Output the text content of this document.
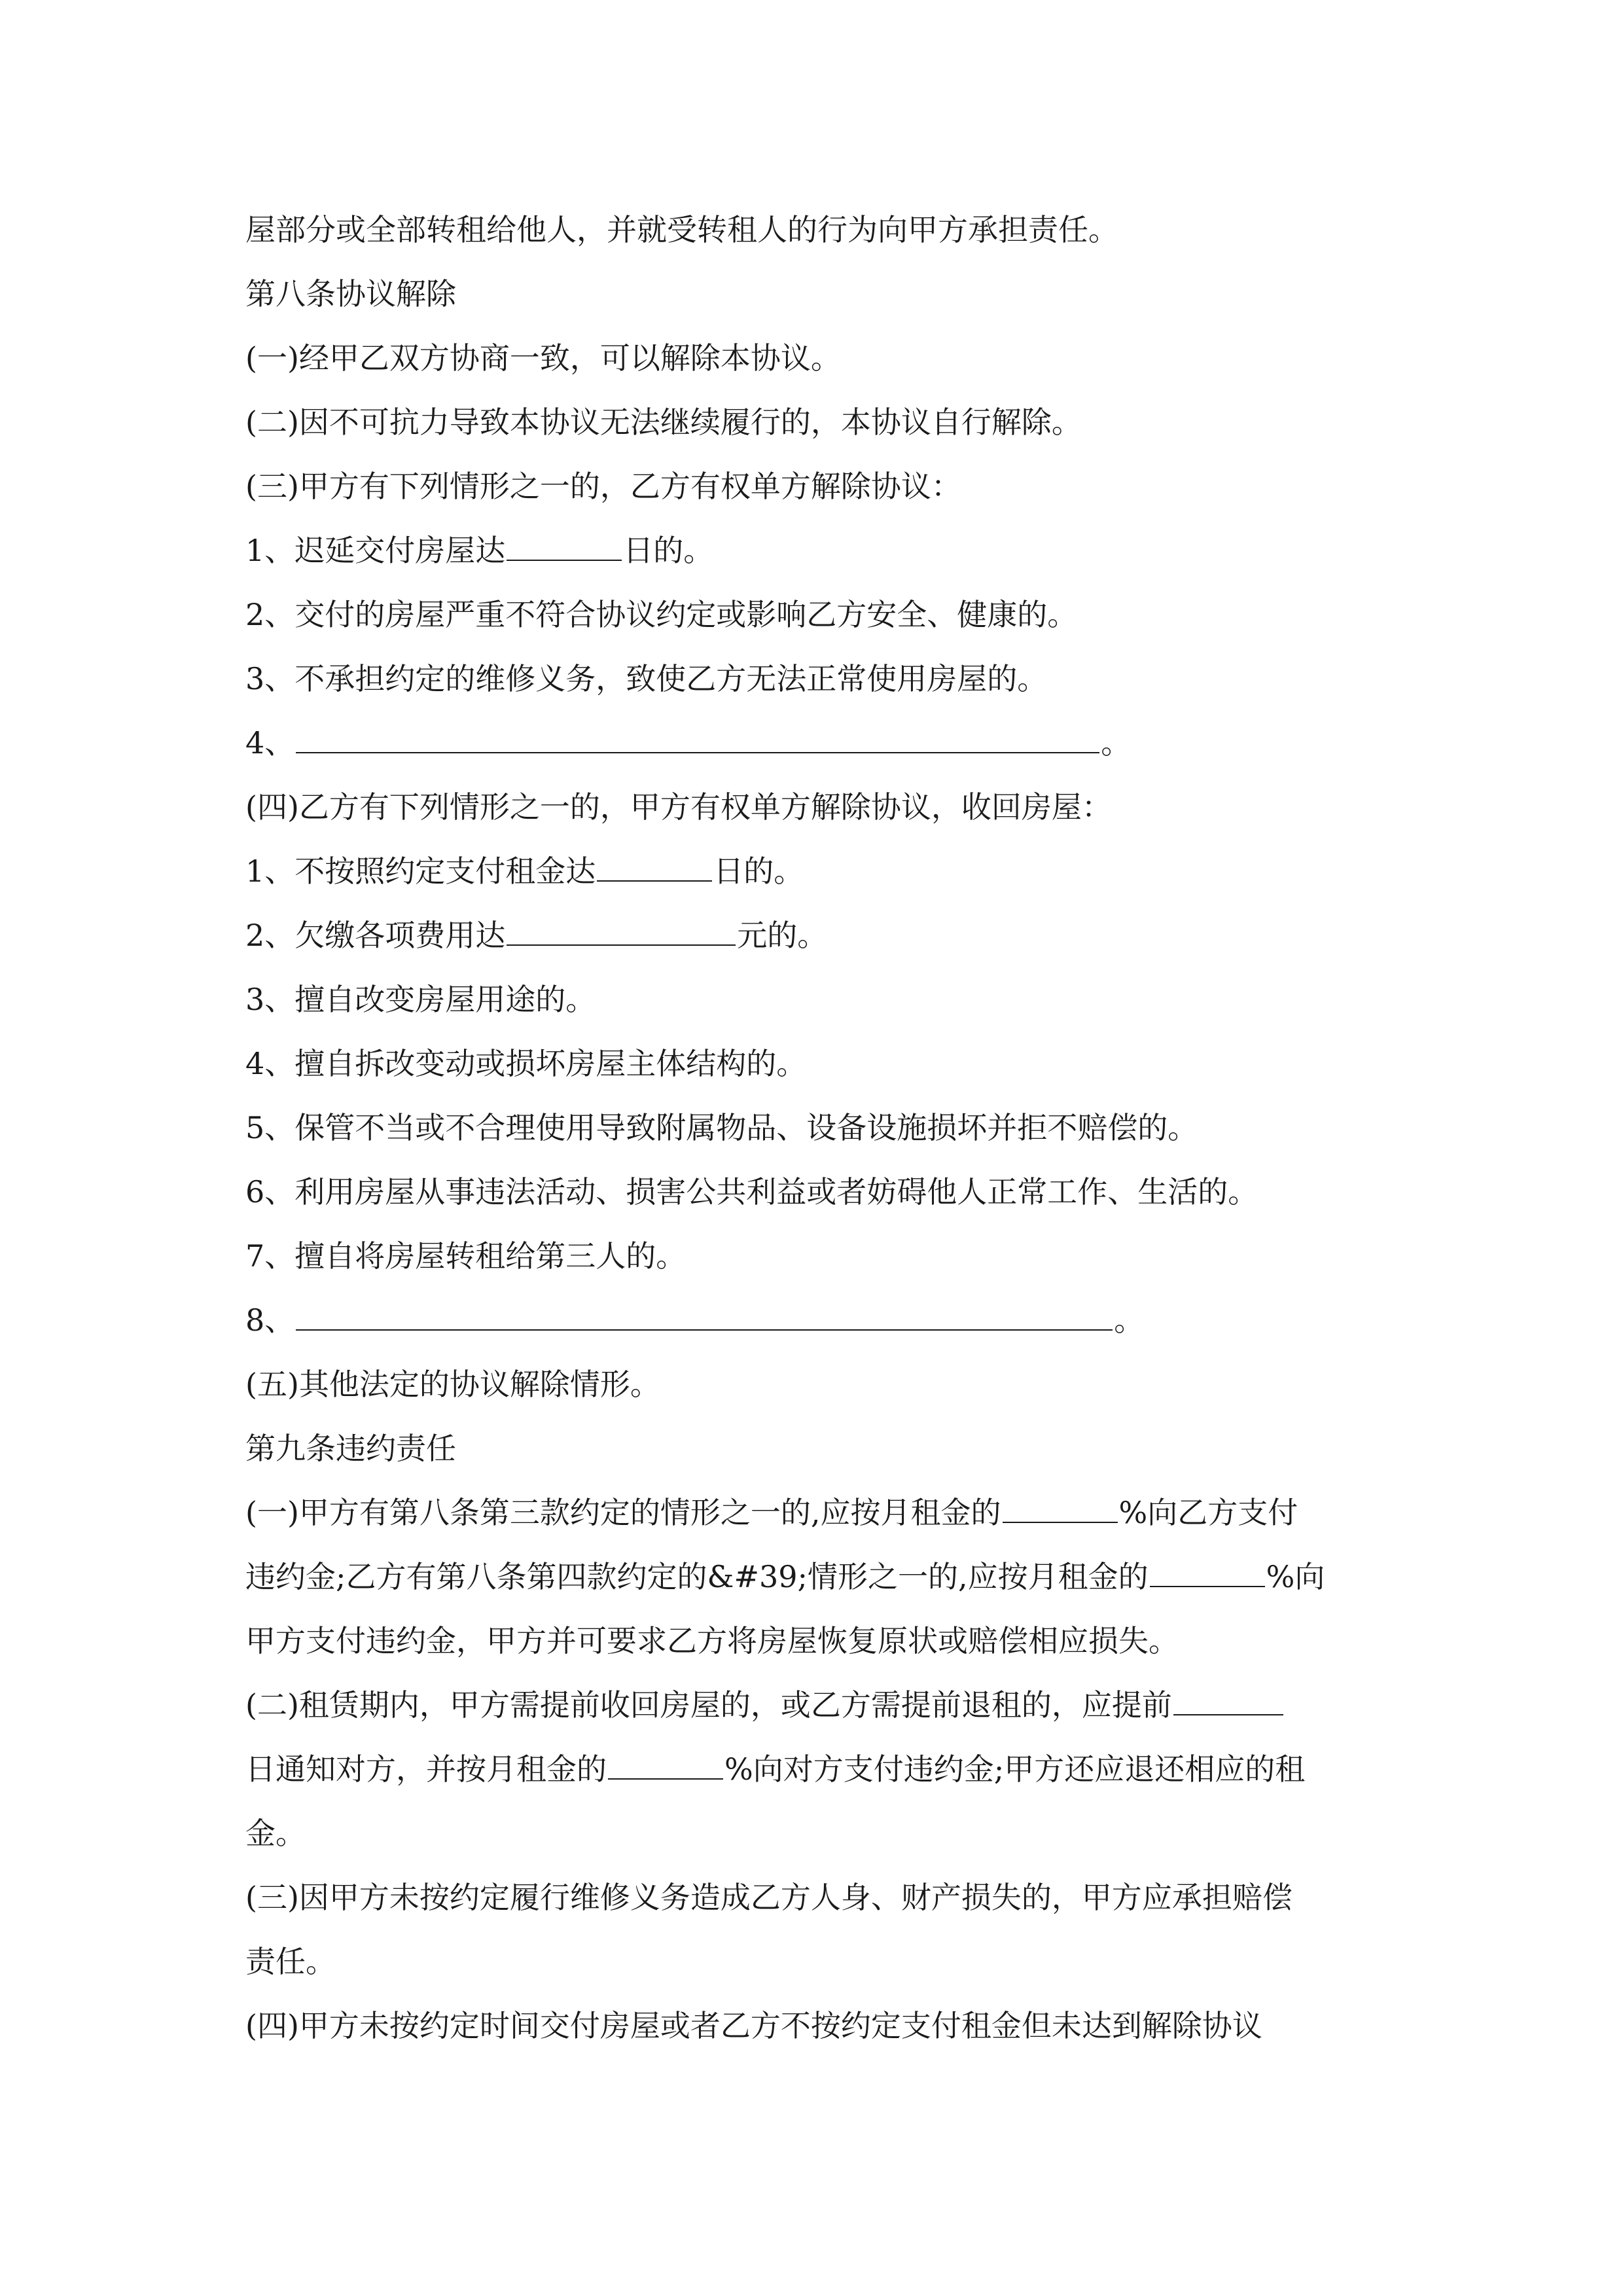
屋部分或全部转租给他人，并就受转租人的行为向甲方承担责任。
第八条协议解除
(一)经甲乙双方协商一致，可以解除本协议。
(二)因不可抗力导致本协议无法继续履行的，本协议自行解除。
(三)甲方有下列情形之一的，乙方有权单方解除协议：
1、迟延交付房屋达	日的。
2、交付的房屋严重不符合协议约定或影响乙方安全、健康的。
3、不承担约定的维修义务，致使乙方无法正常使用房屋的。
4、	。
(四)乙方有下列情形之一的，甲方有权单方解除协议，收回房屋：
1、不按照约定支付租金达	日的。
2、欠缴各项费用达	元的。
3、擅自改变房屋用途的。
4、擅自拆改变动或损坏房屋主体结构的。
5、保管不当或不合理使用导致附属物品、设备设施损坏并拒不赔偿的。
6、利用房屋从事违法活动、损害公共利益或者妨碍他人正常工作、生活的。
7、擅自将房屋转租给第三人的。
8、	。
(五)其他法定的协议解除情形。
第九条违约责任
(一)甲方有第八条第三款约定的情形之一的,应按月租金的	%向乙方支付
违约金;乙方有第八条第四款约定的&#39;情形之一的,应按月租金的	%向
甲方支付违约金，甲方并可要求乙方将房屋恢复原状或赔偿相应损失。
(二)租赁期内，甲方需提前收回房屋的，或乙方需提前退租的，应提前
日通知对方，并按月租金的	%向对方支付违约金;甲方还应退还相应的租
金。
(三)因甲方未按约定履行维修义务造成乙方人身、财产损失的，甲方应承担赔偿
责任。
(四)甲方未按约定时间交付房屋或者乙方不按约定支付租金但未达到解除协议
